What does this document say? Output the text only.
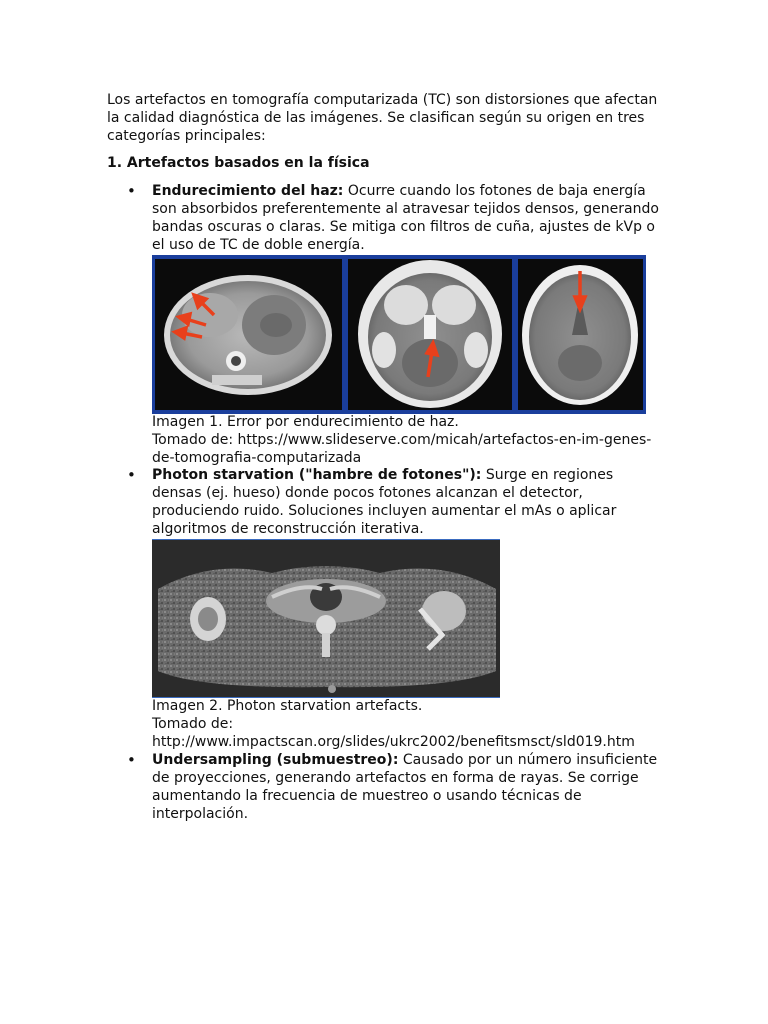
Los artefactos en tomografía computarizada (TC) son distorsiones que afectan la calidad diagnóstica de las imágenes. Se clasifican según su origen en tres categorías principales:

1. Artefactos basados en la física

• Endurecimiento del haz: Ocurre cuando los fotones de baja energía son absorbidos preferentemente al atravesar tejidos densos, generando bandas oscuras o claras. Se mitiga con filtros de cuña, ajustes de kVp o el uso de TC de doble energía.

Imagen 1. Error por endurecimiento de haz.

Tomado de: https://www.slideserve.com/micah/artefactos-en-im-genes-de-tomografia-computarizada

• Photon starvation ("hambre de fotones"): Surge en regiones densas (ej. hueso) donde pocos fotones alcanzan el detector, produciendo ruido. Soluciones incluyen aumentar el mAs o aplicar algoritmos de reconstrucción iterativa.

Imagen 2. Photon starvation artefacts.

Tomado de: http://www.impactscan.org/slides/ukrc2002/benefitsmsct/sld019.htm

• Undersampling (submuestreo): Causado por un número insuficiente de proyecciones, generando artefactos en forma de rayas. Se corrige aumentando la frecuencia de muestreo o usando técnicas de interpolación.
